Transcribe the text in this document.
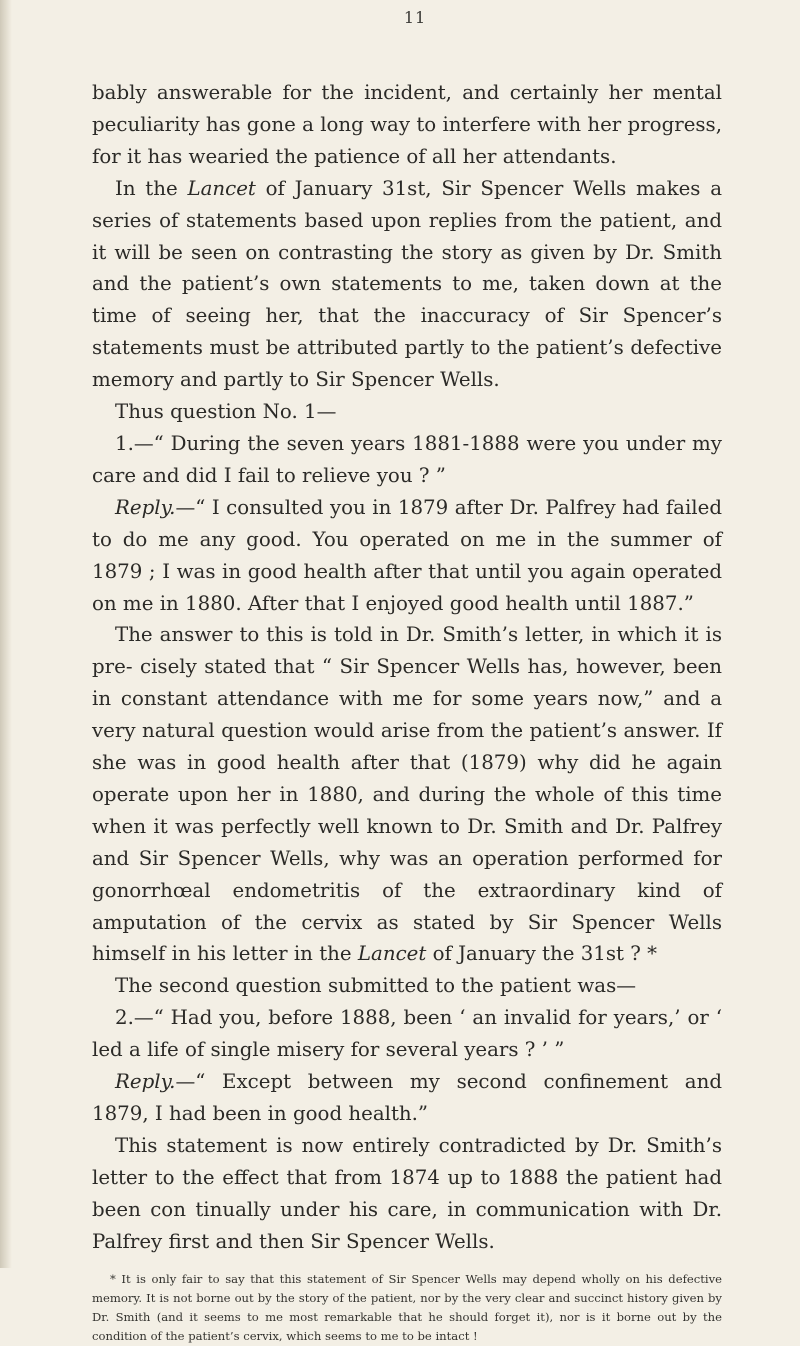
11

bably answerable for the incident, and certainly her mental peculiarity has gone a long way to interfere with her progress, for it has wearied the patience of all her attendants.

In the Lancet of January 31st, Sir Spencer Wells makes a series of statements based upon replies from the patient, and it will be seen on contrasting the story as given by Dr. Smith and the patient’s own statements to me, taken down at the time of seeing her, that the inaccuracy of Sir Spencer’s statements must be attributed partly to the patient’s defective memory and partly to Sir Spencer Wells.

Thus question No. 1—

1.—“ During the seven years 1881-1888 were you under my care and did I fail to relieve you ? ”

Reply.—“ I consulted you in 1879 after Dr. Palfrey had failed to do me any good. You operated on me in the summer of 1879 ; I was in good health after that until you again operated on me in 1880. After that I enjoyed good health until 1887.”

The answer to this is told in Dr. Smith’s letter, in which it is pre- cisely stated that “ Sir Spencer Wells has, however, been in constant attendance with me for some years now,” and a very natural question would arise from the patient’s answer. If she was in good health after that (1879) why did he again operate upon her in 1880, and during the whole of this time when it was perfectly well known to Dr. Smith and Dr. Palfrey and Sir Spencer Wells, why was an operation performed for gonorrhœal endometritis of the extraordinary kind of amputation of the cervix as stated by Sir Spencer Wells himself in his letter in the Lancet of January the 31st ? *

The second question submitted to the patient was—

2.—“ Had you, before 1888, been ‘ an invalid for years,’ or ‘ led a life of single misery for several years ? ’ ”

Reply.—“ Except between my second confinement and 1879, I had been in good health.”

This statement is now entirely contradicted by Dr. Smith’s letter to the effect that from 1874 up to 1888 the patient had been con tinually under his care, in communication with Dr. Palfrey first and then Sir Spencer Wells.

* It is only fair to say that this statement of Sir Spencer Wells may depend wholly on his defective memory. It is not borne out by the story of the patient, nor by the very clear and succinct history given by Dr. Smith (and it seems to me most remarkable that he should forget it), nor is it borne out by the condition of the patient’s cervix, which seems to me to be intact !
